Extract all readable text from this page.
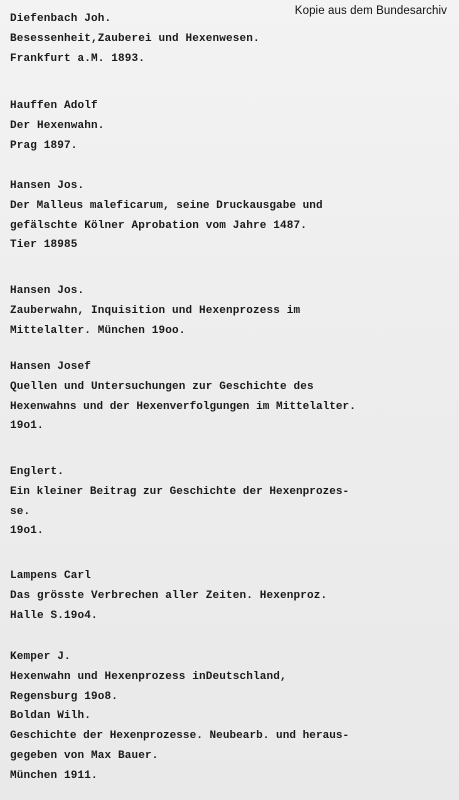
Kopie aus dem Bundesarchiv
Diefenbach Joh.
Besessenheit,Zauberei und Hexenwesen.
Frankfurt a.M. 1893.
Hauffen Adolf
Der Hexenwahn.
Prag 1897.
Hansen Jos.
Der Malleus maleficarum, seine Druckausgabe und
gefälschte Kölner Aprobation vom Jahre 1487.
Tier 18985
Hansen Jos.
Zauberwahn, Inquisition und Hexenprozess im
Mittelalter. München 19oo.
Hansen Josef
Quellen und Untersuchungen zur Geschichte des
Hexenwahns und der Hexenverfolgungen im Mittelalter.
19o1.
Englert.
Ein kleiner Beitrag zur Geschichte der Hexenprozes-
se.
19o1.
Lampens Carl
Das grösste Verbrechen aller Zeiten. Hexenproz.
Halle S.19o4.
Kemper J.
Hexenwahn und Hexenprozess inDeutschland,
Regensburg 19o8.
Boldan Wilh.
Geschichte der Hexenprozesse. Neubearb. und heraus-
gegeben von Max Bauer.
München 1911.
